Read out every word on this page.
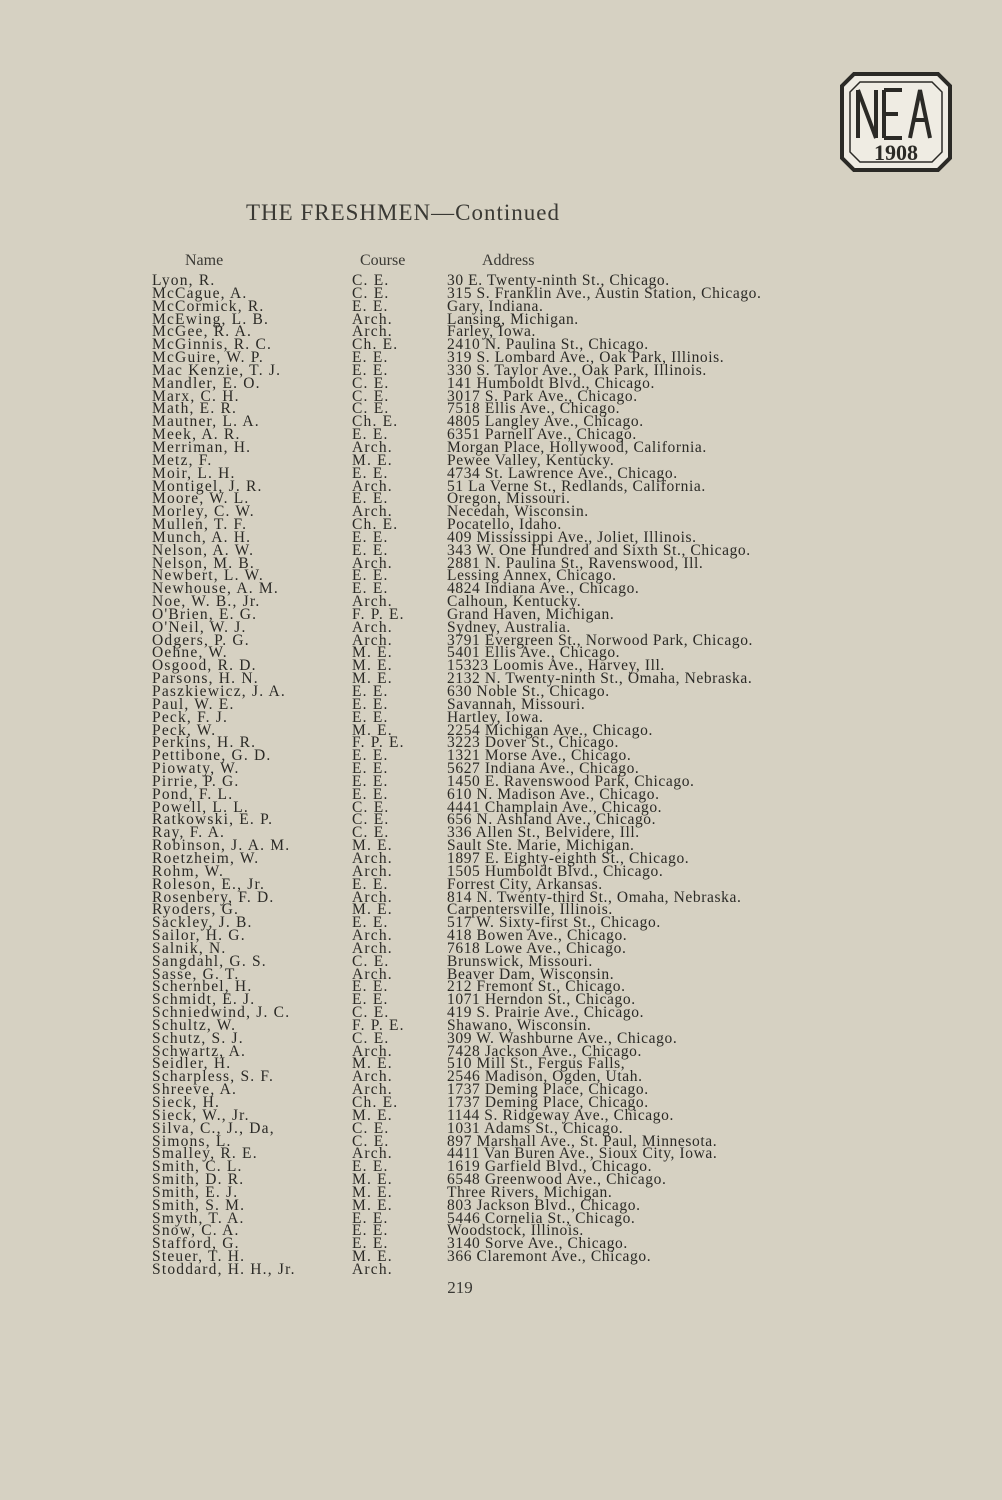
1908
THE FRESHMEN—Continued
Name	Course	Address
Lyon, R.	C. E.	30 E. Twenty-ninth St., Chicago.
McCague, A.	C. E.	315 S. Franklin Ave., Austin Station, Chicago.
McCormick, R.	E. E.	Gary, Indiana.
McEwing, L. B.	Arch.	Lansing, Michigan.
McGee, R. A.	Arch.	Farley, Iowa.
McGinnis, R. C.	Ch. E.	2410 N. Paulina St., Chicago.
McGuire, W. P.	E. E.	319 S. Lombard Ave., Oak Park, Illinois.
Mac Kenzie, T. J.	E. E.	330 S. Taylor Ave., Oak Park, Illinois.
Mandler, E. O.	C. E.	141 Humboldt Blvd., Chicago.
Marx, C. H.	C. E.	3017 S. Park Ave., Chicago.
Math, E. R.	C. E.	7518 Ellis Ave., Chicago.
Mautner, L. A.	Ch. E.	4805 Langley Ave., Chicago.
Meek, A. R.	E. E.	6351 Parnell Ave., Chicago.
Merriman, H.	Arch.	Morgan Place, Hollywood, California.
Metz, F.	M. E.	Pewee Valley, Kentucky.
Moir, L. H.	E. E.	4734 St. Lawrence Ave., Chicago.
Montigel, J. R.	Arch.	51 La Verne St., Redlands, California.
Moore, W. L.	E. E.	Oregon, Missouri.
Morley, C. W.	Arch.	Necedah, Wisconsin.
Mullen, T. F.	Ch. E.	Pocatello, Idaho.
Munch, A. H.	E. E.	409 Mississippi Ave., Joliet, Illinois.
Nelson, A. W.	E. E.	343 W. One Hundred and Sixth St., Chicago.
Nelson, M. B.	Arch.	2881 N. Paulina St., Ravenswood, Ill.
Newbert, L. W.	E. E.	Lessing Annex, Chicago.
Newhouse, A. M.	E. E.	4824 Indiana Ave., Chicago.
Noe, W. B., Jr.	Arch.	Calhoun, Kentucky.
O'Brien, E. G.	F. P. E.	Grand Haven, Michigan.
O'Neil, W. J.	Arch.	Sydney, Australia.
Odgers, P. G.	Arch.	3791 Evergreen St., Norwood Park, Chicago.
Oehne, W.	M. E.	5401 Ellis Ave., Chicago.
Osgood, R. D.	M. E.	15323 Loomis Ave., Harvey, Ill.
Parsons, H. N.	M. E.	2132 N. Twenty-ninth St., Omaha, Nebraska.
Paszkiewicz, J. A.	E. E.	630 Noble St., Chicago.
Paul, W. E.	E. E.	Savannah, Missouri.
Peck, F. J.	E. E.	Hartley, Iowa.
Peck, W.	M. E.	2254 Michigan Ave., Chicago.
Perkins, H. R.	F. P. E.	3223 Dover St., Chicago.
Pettibone, G. D.	E. E.	1321 Morse Ave., Chicago.
Piowaty, W.	E. E.	5627 Indiana Ave., Chicago.
Pirrie, P. G.	E. E.	1450 E. Ravenswood Park, Chicago.
Pond, F. L.	E. E.	610 N. Madison Ave., Chicago.
Powell, L. L.	C. E.	4441 Champlain Ave., Chicago.
Ratkowski, E. P.	C. E.	656 N. Ashland Ave., Chicago.
Ray, F. A.	C. E.	336 Allen St., Belvidere, Ill.
Robinson, J. A. M.	M. E.	Sault Ste. Marie, Michigan.
Roetzheim, W.	Arch.	1897 E. Eighty-eighth St., Chicago.
Rohm, W.	Arch.	1505 Humboldt Blvd., Chicago.
Roleson, E., Jr.	E. E.	Forrest City, Arkansas.
Rosenbery, F. D.	Arch.	814 N. Twenty-third St., Omaha, Nebraska.
Ryoders, G.	M. E.	Carpentersville, Illinois.
Sackley, J. B.	E. E.	517 W. Sixty-first St., Chicago.
Sailor, H. G.	Arch.	418 Bowen Ave., Chicago.
Salnik, N.	Arch.	7618 Lowe Ave., Chicago.
Sangdahl, G. S.	C. E.	Brunswick, Missouri.
Sasse, G. T.	Arch.	Beaver Dam, Wisconsin.
Schernbel, H.	E. E.	212 Fremont St., Chicago.
Schmidt, E. J.	E. E.	1071 Herndon St., Chicago.
Schniedwind, J. C.	C. E.	419 S. Prairie Ave., Chicago.
Schultz, W.	F. P. E.	Shawano, Wisconsin.
Schutz, S. J.	C. E.	309 W. Washburne Ave., Chicago.
Schwartz, A.	Arch.	7428 Jackson Ave., Chicago.
Seidler, H.	M. E.	510 Mill St., Fergus Falls,
Scharpless, S. F.	Arch.	2546 Madison, Ogden, Utah.
Shreeve, A.	Arch.	1737 Deming Place, Chicago.
Sieck, H.	Ch. E.	1737 Deming Place, Chicago.
Sieck, W., Jr.	M. E.	1144 S. Ridgeway Ave., Chicago.
Silva, C., J., Da,	C. E.	1031 Adams St., Chicago.
Simons, L.	C. E.	897 Marshall Ave., St. Paul, Minnesota.
Smalley, R. E.	Arch.	4411 Van Buren Ave., Sioux City, Iowa.
Smith, C. L.	E. E.	1619 Garfield Blvd., Chicago.
Smith, D. R.	M. E.	6548 Greenwood Ave., Chicago.
Smith, E. J.	M. E.	Three Rivers, Michigan.
Smith, S. M.	M. E.	803 Jackson Blvd., Chicago.
Smyth, T. A.	E. E.	5446 Cornelia St., Chicago.
Snow, C. A.	E. E.	Woodstock, Illinois.
Stafford, G.	E. E.	3140 Sorve Ave., Chicago.
Steuer, T. H.	M. E.	366 Claremont Ave., Chicago.
Stoddard, H. H., Jr.	Arch.
219
